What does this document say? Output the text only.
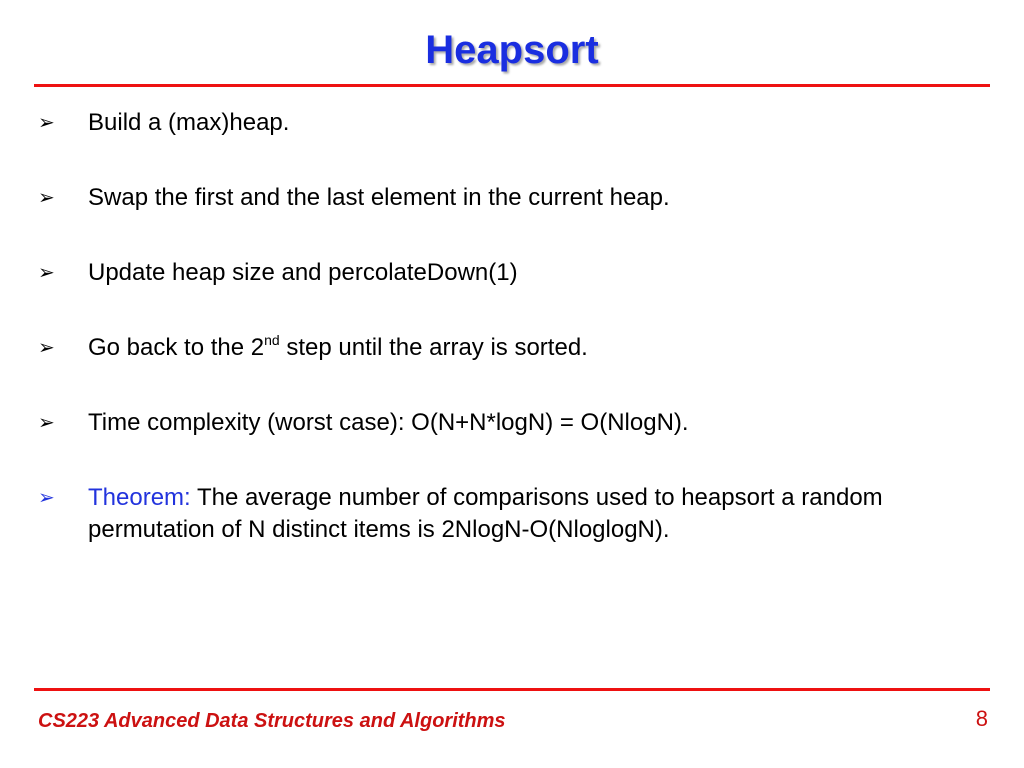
Heapsort
➢ Build a (max)heap.
➢ Swap the first and the last element in the current heap.
➢ Update heap size and percolateDown(1)
➢ Go back to the 2nd step until the array is sorted.
➢ Time complexity (worst case): O(N+N*logN) = O(NlogN).
➢ Theorem: The average number of comparisons used to heapsort a random permutation of N distinct items is 2NlogN-O(NloglogN).
CS223 Advanced Data Structures and Algorithms	8
